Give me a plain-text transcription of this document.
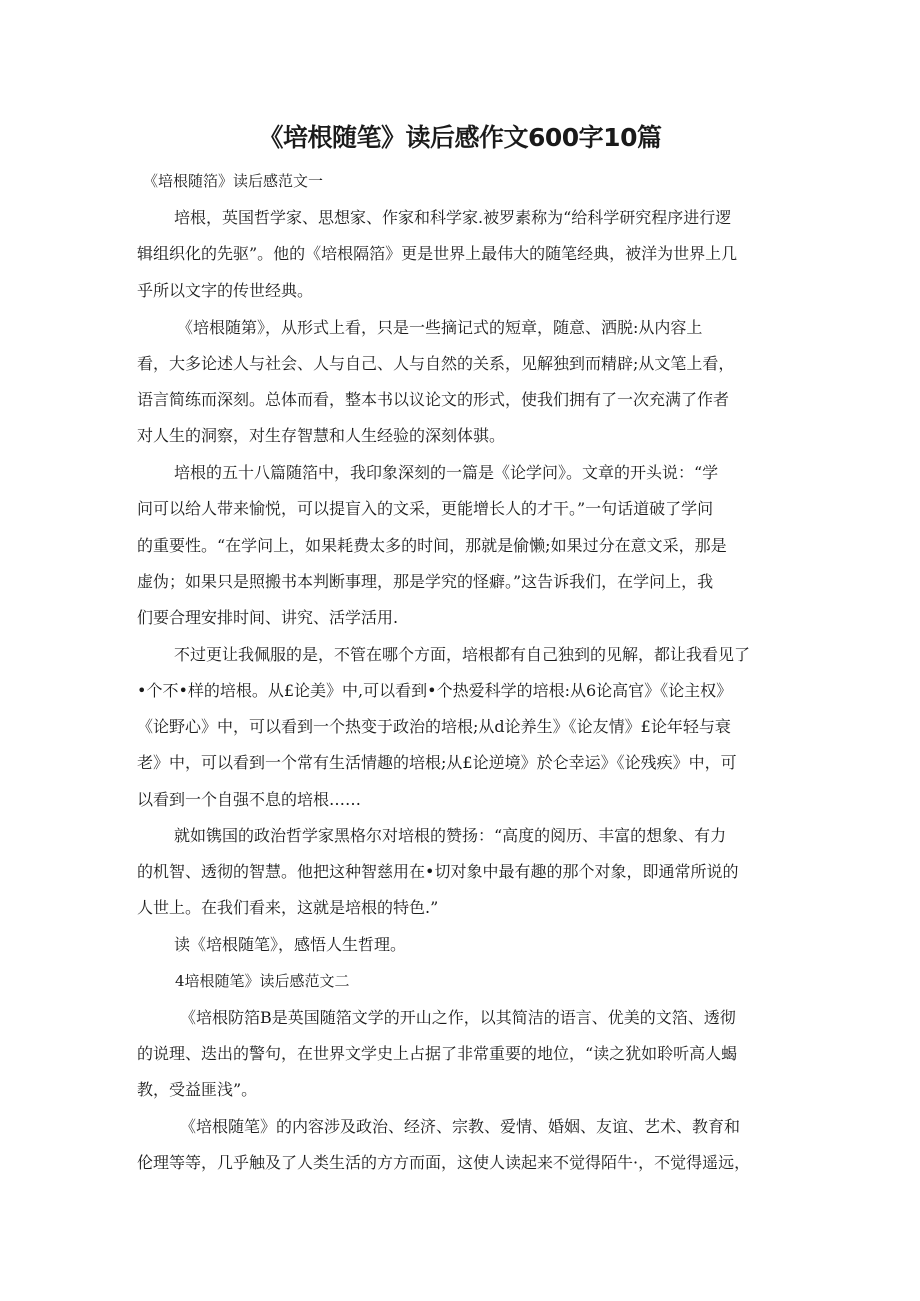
《培根随笔》读后感作文600字10篇
《培根随箔》读后感范文一
培根，英国哲学家、思想家、作家和科学家.被罗素称为“给科学研究程序进行逻
辑组织化的先驱”。他的《培根隔箔》更是世界上最伟大的随笔经典，被洋为世界上几
乎所以文字的传世经典。
《培根随第》，从形式上看，只是一些摘记式的短章，随意、洒脱:从内容上
看，大多论述人与社会、人与自己、人与自然的关系，见解独到而精辟;从文笔上看，
语言简练而深刻。总体而看，整本书以议论文的形式，使我们拥有了一次充满了作者
对人生的洞察，对生存智慧和人生经验的深刻体骐。
培根的五十八篇随箔中，我印象深刻的一篇是《论学问》。文章的开头说：“学
问可以给人带来愉悦，可以提盲入的文采，更能增长人的才干。”一句话道破了学问
的重要性。“在学问上，如果耗费太多的时间，那就是偷懒;如果过分在意文采，那是
虚伪；如果只是照搬书本判断事理，那是学究的怪癖。”这告诉我们，在学问上，我
们要合理安排时间、讲究、活学活用.
不过更让我佩服的是，不管在哪个方面，培根都有自己独到的见解，都让我看见了
•个不•样的培根。从£论美》中,可以看到•个热爱科学的培根:从6论高官》《论主权》
《论野心》中，可以看到一个热变于政治的培根;从d论养生》《论友情》£论年轻与衰
老》中，可以看到一个常有生活情趣的培根;从£论逆境》於仑幸运》《论残疾》中，可
以看到一个自强不息的培根……
就如镌国的政治哲学家黑格尔对培根的赞扬：“高度的阅历、丰富的想象、有力
的机智、透彻的智慧。他把这种智慈用在•切对象中最有趣的那个对象，即通常所说的
人世上。在我们看来，这就是培根的特色.”
读《培根随笔》，感悟人生哲理。
4培根随笔》读后感范文二
《培根防箔B是英国随箔文学的开山之作，以其简洁的语言、优美的文箔、透彻
的说理、迭出的警句，在世界文学史上占据了非常重要的地位，“读之犹如聆听高人蝎
教，受益匪浅”。
《培根随笔》的内容涉及政治、经济、宗教、爱情、婚姻、友谊、艺术、教育和
伦理等等，几乎触及了人类生活的方方而面，这使人读起来不觉得陌牛·，不觉得遥远，
